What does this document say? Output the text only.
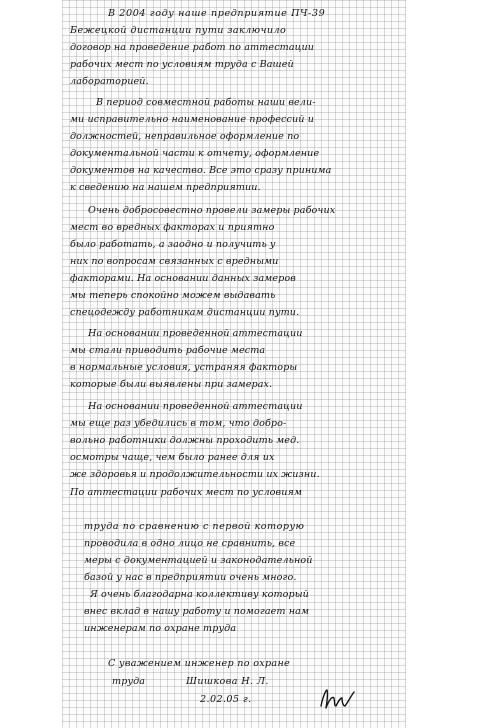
В 2004 году наше предприятие ПЧ-39
Бежецкой дистанции пути заключило
договор на проведение работ по аттестации
рабочих мест по условиям труда с Вашей
лабораторией.
В период совместной работы наши вели-
ми исправительно наименование профессий и
должностей, неправильное оформление по
документальной части к отчету, оформление
документов на качество. Все это сразу принима
к сведению на нашем предприятии.
Очень добросовестно провели замеры рабочих
мест во вредных факторах и приятно
было работать, а заодно и получить у
них по вопросам связанных с вредными
факторами. На основании данных замеров
мы теперь спокойно можем выдавать
спецодежду работникам дистанции пути.
На основании проведенной аттестации
мы стали приводить рабочие места
в нормальные условия, устраняя факторы
которые были выявлены при замерах.
На основании проведенной аттестации
мы еще раз убедились в том, что добро-
вольно работники должны проходить мед.
осмотры чаще, чем было ранее для их
же здоровья и продолжительности их жизни.
По аттестации рабочих мест по условиям
труда по сравнению с первой которую
проводила в одно лицо не сравнить, все
меры с документацией и законодательной
базой у нас в предприятии очень много.
Я очень благодарна коллективу который
внес вклад в нашу работу и помогает нам
инженерам по охране труда
С уважением инженер по охране
труда	Шишкова Н. Л.
2.02.05 г.
